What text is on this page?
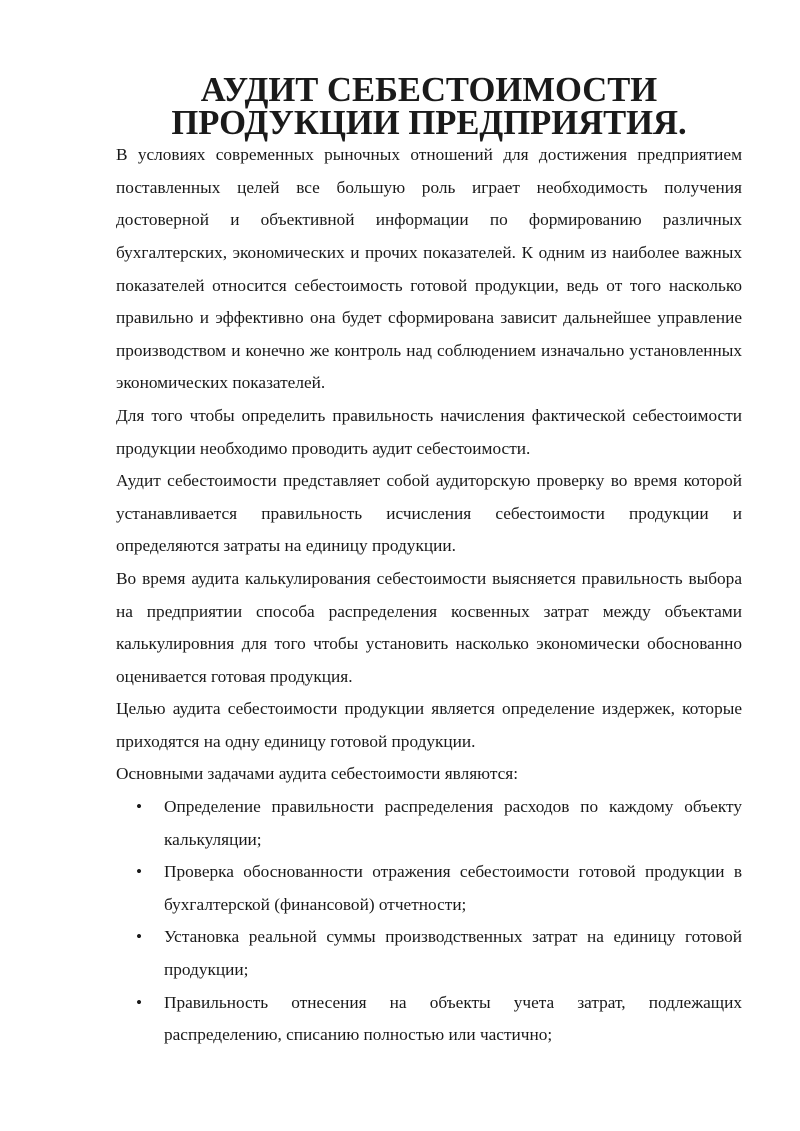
АУДИТ СЕБЕСТОИМОСТИ ПРОДУКЦИИ ПРЕДПРИЯТИЯ.

В условиях современных рыночных отношений для достижения предприятием поставленных целей все большую роль играет необходимость получения достоверной и объективной информации по формированию различных бухгалтерских, экономических и прочих показателей. К одним из наиболее важных показателей относится себестоимость готовой продукции, ведь от того насколько правильно и эффективно она будет сформирована зависит дальнейшее управление производством и конечно же контроль над соблюдением изначально установленных экономических показателей.

Для того чтобы определить правильность начисления фактической себестоимости продукции необходимо проводить аудит себестоимости.

Аудит себестоимости представляет собой аудиторскую проверку во время которой устанавливается правильность исчисления себестоимости продукции и определяются затраты на единицу продукции.

Во время аудита калькулирования себестоимости выясняется правильность выбора на предприятии способа распределения косвенных затрат между объектами калькулировния для того чтобы установить насколько экономически обоснованно оценивается готовая продукция.

Целью аудита себестоимости продукции является определение издержек, которые приходятся на одну единицу готовой продукции.

Основными задачами аудита себестоимости являются:

• Определение правильности распределения расходов по каждому объекту калькуляции;
• Проверка обоснованности отражения себестоимости готовой продукции в бухгалтерской (финансовой) отчетности;
• Установка реальной суммы производственных затрат на единицу готовой продукции;
• Правильность отнесения на объекты учета затрат, подлежащих распределению, списанию полностью или частично;
